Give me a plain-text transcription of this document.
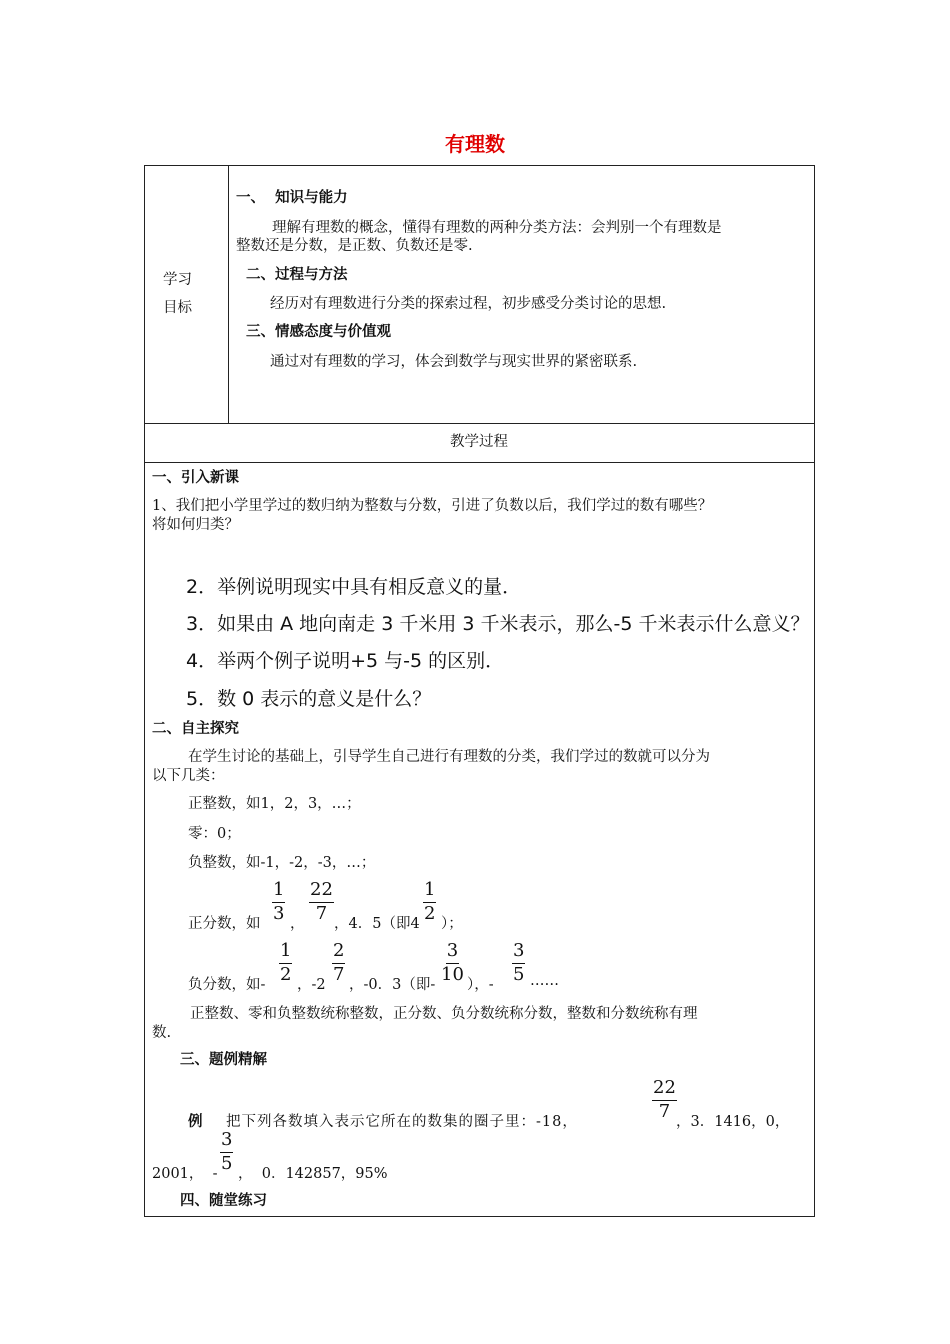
有理数
学习
目标
一、  知识与能力
理解有理数的概念，懂得有理数的两种分类方法：会判别一个有理数是
整数还是分数，是正数、负数还是零.
二、过程与方法
经历对有理数进行分类的探索过程，初步感受分类讨论的思想.
三、情感态度与价值观
通过对有理数的学习，体会到数学与现实世界的紧密联系.
教学过程
一、引入新课
1、我们把小学里学过的数归纳为整数与分数，引进了负数以后，我们学过的数有哪些？
将如何归类？
2．举例说明现实中具有相反意义的量．
3．如果由 A 地向南走 3 千米用 3 千米表示，那么-5 千米表示什么意义？
4．举两个例子说明+5 与-5 的区别．
5．数 0 表示的意义是什么？
二、自主探究
在学生讨论的基础上，引导学生自己进行有理数的分类，我们学过的数就可以分为
以下几类：
正整数，如1，2，3，…；
零：0；
负整数，如-1，-2，-3，…；
正分数，如
$\frac{1}{3}$
，
$\frac{22}{7}$
，4．5（即4
$\frac{1}{2}$
）；
负分数，如-
$\frac{1}{2}$
，-2
$\frac{2}{7}$
，-0．3（即-
$\frac{3}{10}$
），-
$\frac{3}{5}$ ……
正整数、零和负整数统称整数，正分数、负分数统称分数，整数和分数统称有理
数.
三、题例精解
例 把下列各数填入表示它所在的数集的圈子里：-18，
$\frac{22}{7}$
，3．1416，0，
2001，  -
$\frac{3}{5}$
，  0．142857，95%
四、随堂练习
